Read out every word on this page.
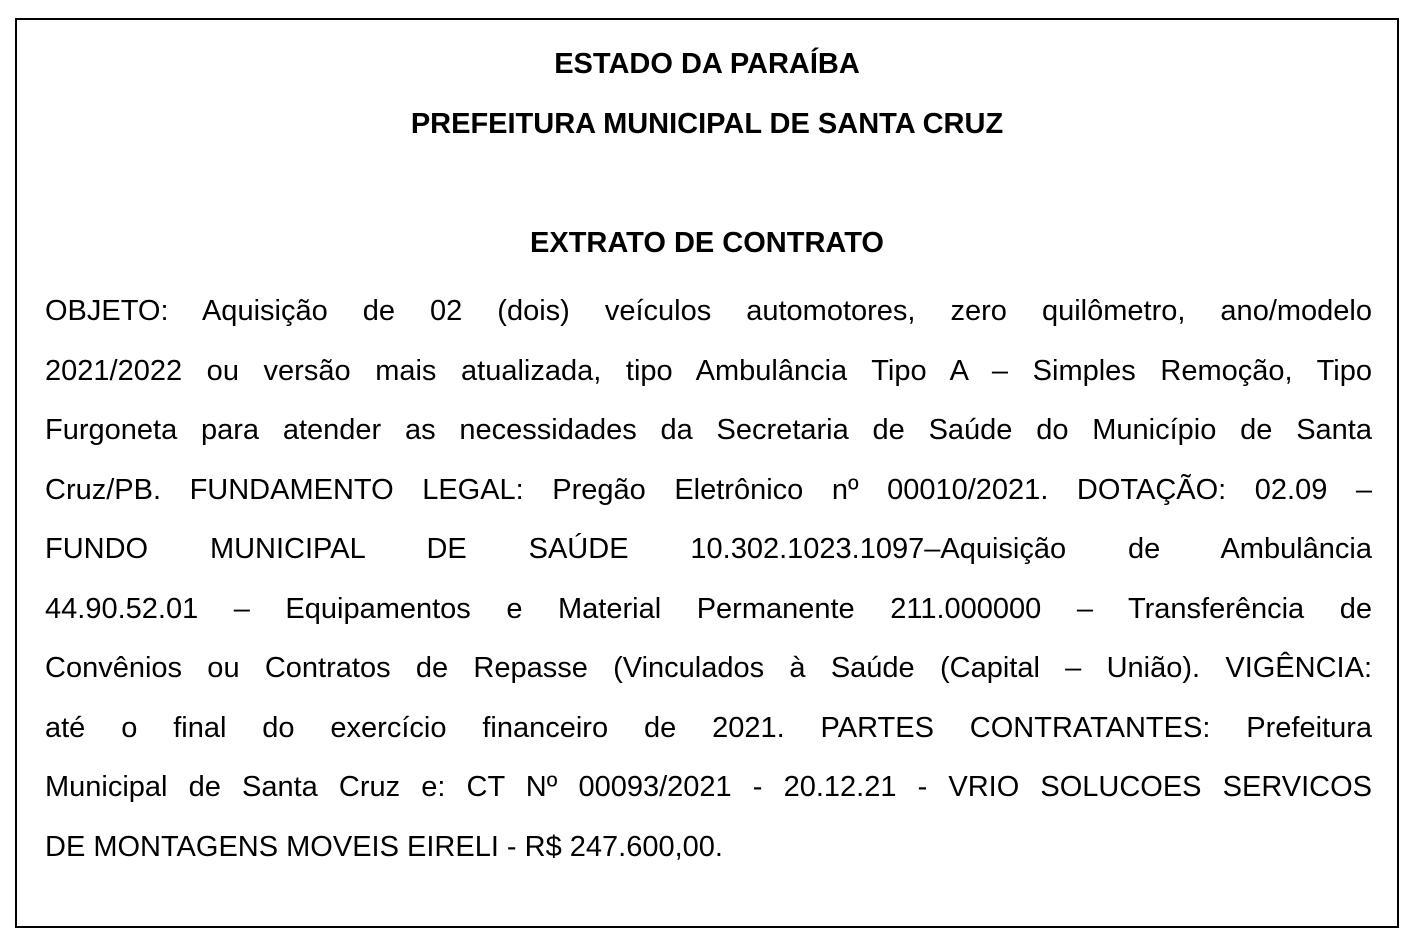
ESTADO DA PARAÍBA
PREFEITURA MUNICIPAL DE SANTA CRUZ
EXTRATO DE CONTRATO
OBJETO: Aquisição de 02 (dois) veículos automotores, zero quilômetro, ano/modelo
2021/2022 ou versão mais atualizada, tipo Ambulância Tipo A – Simples Remoção, Tipo
Furgoneta para atender as necessidades da Secretaria de Saúde do Município de Santa
Cruz/PB. FUNDAMENTO LEGAL: Pregão Eletrônico nº 00010/2021. DOTAÇÃO: 02.09 –
FUNDO MUNICIPAL DE SAÚDE 10.302.1023.1097–Aquisição de Ambulância
44.90.52.01 – Equipamentos e Material Permanente 211.000000 – Transferência de
Convênios ou Contratos de Repasse (Vinculados à Saúde (Capital – União). VIGÊNCIA:
até o final do exercício financeiro de 2021. PARTES CONTRATANTES: Prefeitura
Municipal de Santa Cruz e: CT Nº 00093/2021 - 20.12.21 - VRIO SOLUCOES SERVICOS
DE MONTAGENS MOVEIS EIRELI - R$ 247.600,00.
